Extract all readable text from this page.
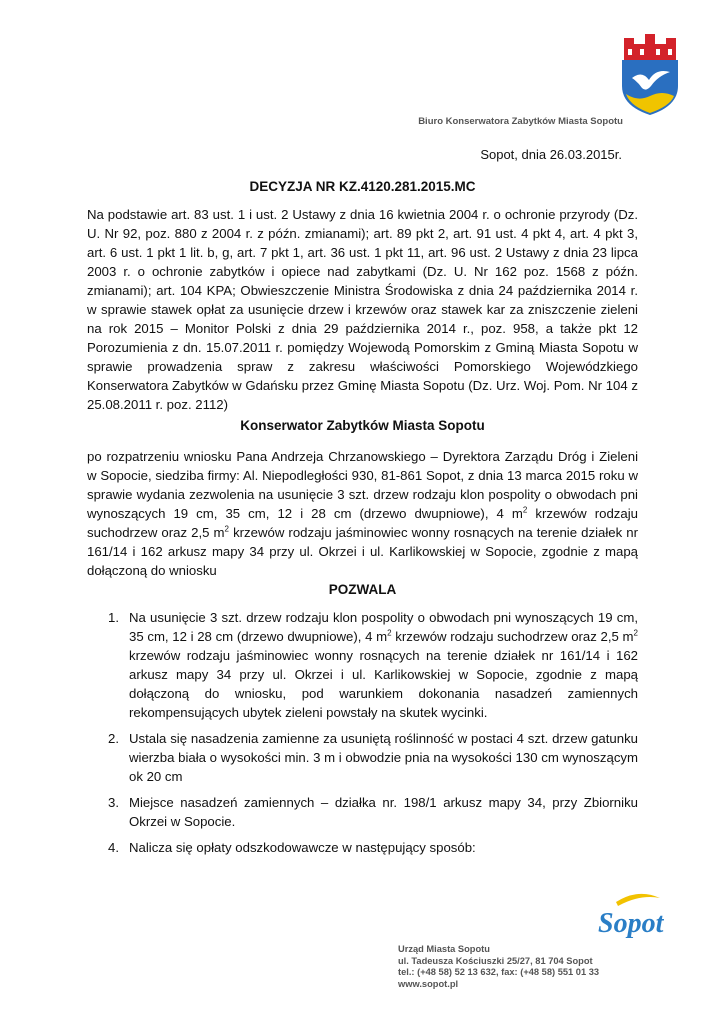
Biuro Konserwatora Zabytków Miasta Sopotu
Sopot, dnia 26.03.2015r.
DECYZJA NR KZ.4120.281.2015.MC
Na podstawie art. 83 ust. 1 i ust. 2 Ustawy z dnia 16 kwietnia 2004 r. o ochronie przyrody (Dz. U. Nr 92, poz. 880 z 2004 r. z późn. zmianami); art. 89 pkt 2, art. 91 ust. 4 pkt 4, art. 4 pkt 3, art. 6 ust. 1 pkt 1 lit. b, g, art. 7 pkt 1, art. 36 ust. 1 pkt 11, art. 96 ust. 2 Ustawy z dnia 23 lipca 2003 r. o ochronie zabytków i opiece nad zabytkami (Dz. U. Nr 162 poz. 1568 z późn. zmianami); art. 104 KPA; Obwieszczenie Ministra Środowiska z dnia 24 października 2014 r. w sprawie stawek opłat za usunięcie drzew i krzewów oraz stawek kar za zniszczenie zieleni na rok 2015 – Monitor Polski z dnia 29 października 2014 r., poz. 958, a także pkt 12 Porozumienia z dn. 15.07.2011 r. pomiędzy Wojewodą Pomorskim z Gminą Miasta Sopotu w sprawie prowadzenia spraw z zakresu właściwości Pomorskiego Wojewódzkiego Konserwatora Zabytków w Gdańsku przez Gminę Miasta Sopotu (Dz. Urz. Woj. Pom. Nr 104 z 25.08.2011 r. poz. 2112)
Konserwator Zabytków Miasta Sopotu
po rozpatrzeniu wniosku Pana Andrzeja Chrzanowskiego – Dyrektora Zarządu Dróg i Zieleni w Sopocie, siedziba firmy: Al. Niepodległości 930, 81-861 Sopot, z dnia 13 marca 2015 roku w sprawie wydania zezwolenia na usunięcie 3 szt. drzew rodzaju klon pospolity o obwodach pni wynoszących 19 cm, 35 cm, 12 i 28 cm (drzewo dwupniowe), 4 $m^2$ krzewów rodzaju suchodrzew oraz 2,5 $m^2$ krzewów rodzaju jaśminowiec wonny rosnących na terenie działek nr 161/14 i 162 arkusz mapy 34 przy ul. Okrzei i ul. Karlikowskiej w Sopocie, zgodnie z mapą dołączoną do wniosku
POZWALA
1. Na usunięcie 3 szt. drzew rodzaju klon pospolity o obwodach pni wynoszących 19 cm, 35 cm, 12 i 28 cm (drzewo dwupniowe), 4 $m^2$ krzewów rodzaju suchodrzew oraz 2,5 $m^2$ krzewów rodzaju jaśminowiec wonny rosnących na terenie działek nr 161/14 i 162 arkusz mapy 34 przy ul. Okrzei i ul. Karlikowskiej w Sopocie, zgodnie z mapą dołączoną do wniosku, pod warunkiem dokonania nasadzeń zamiennych rekompensujących ubytek zieleni powstały na skutek wycinki.
2. Ustala się nasadzenia zamienne za usuniętą roślinność w postaci 4 szt. drzew gatunku wierzba biała o wysokości min. 3 m i obwodzie pnia na wysokości 130 cm wynoszącym ok 20 cm
3. Miejsce nasadzeń zamiennych – działka nr. 198/1 arkusz mapy 34, przy Zbiorniku Okrzei w Sopocie.
4. Nalicza się opłaty odszkodowawcze w następujący sposób:
Sopot
Urząd Miasta Sopotu
ul. Tadeusza Kościuszki 25/27, 81 704 Sopot
tel.: (+48 58) 52 13 632, fax: (+48 58) 551 01 33
www.sopot.pl
